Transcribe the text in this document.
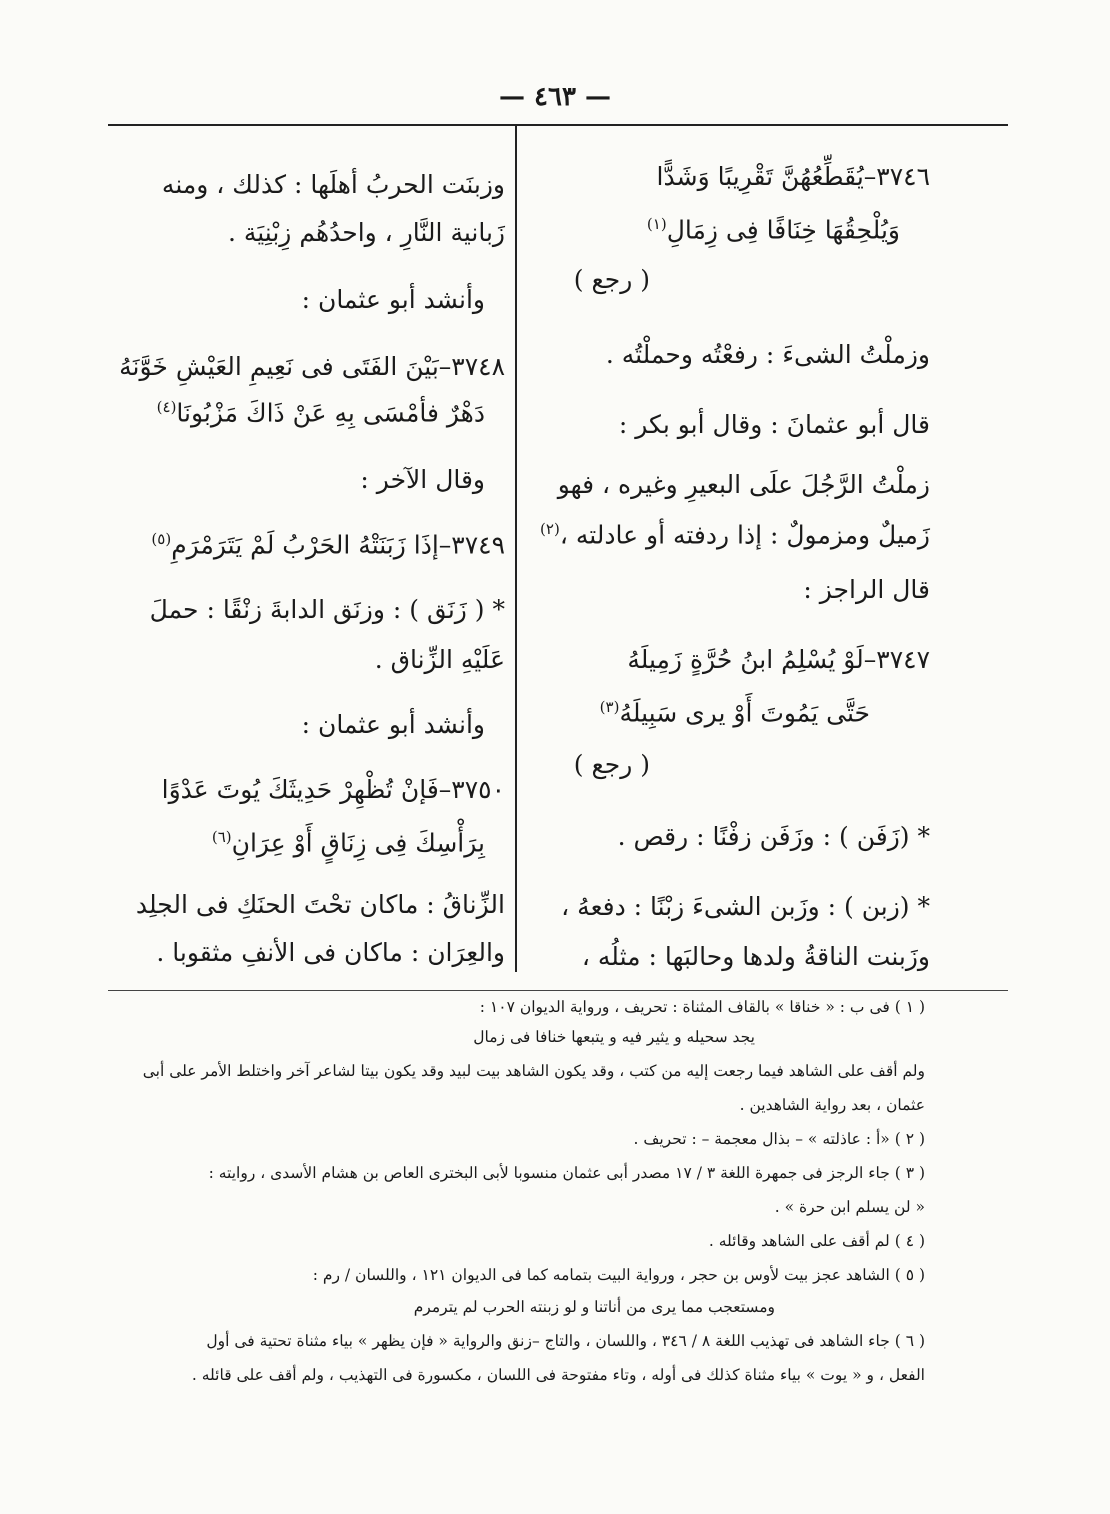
— ٤٦٣ —
٣٧٤٦–يُقَطِّعُهُنَّ تَقْرِيبًا وَشَدًّا
وَيُلْحِقُهَا خِنَافًا فِى زِمَالِ$^{(١)}$
( رجع )
وزملْتُ الشىءَ : رفعْتُه وحملْتُه .
قال أبو عثمانَ : وقال أبو بكر :
زملْتُ الرَّجُلَ علَى البعيرِ وغيره ، فهو
زَميلٌ ومزمولٌ : إذا ردفته أو عادلته ،$^{(٢)}$
قال الراجز :
٣٧٤٧–لَوْ يُسْلِمُ ابنُ حُرَّةٍ زَمِيلَهُ
حَتَّى يَمُوتَ أَوْ يرى سَبِيلَهُ$^{(٣)}$
( رجع )
* (زَفَن ) : وزَفَن زفْنًا : رقص .
* (زبن ) : وزَبن الشىءَ زبْنًا : دفعهُ ،
وزَبنت الناقةُ ولدها وحالبَها : مثلُه ،
وزبنَت الحربُ أهلَها : كذلك ، ومنه
زَبانية النَّارِ ، واحدُهُم زِبْنِيَة .
وأنشد أبو عثمان :
٣٧٤٨–بَيْنَ الفَتَى فى نَعِيمِ العَيْشِ خَوَّنَهُ
دَهْرٌ فأمْسَى بِهِ عَنْ ذَاكَ مَزْبُونَا$^{(٤)}$
وقال الآخر :
٣٧٤٩–إذَا زَبَنَتْهُ الحَرْبُ لَمْ يَتَرَمْرَمِ$^{(٥)}$
* ( زَنَق ) : وزنَق الدابةَ زنْقًا : حملَ
عَلَيْهِ الزِّناق .
وأنشد أبو عثمان :
٣٧٥٠–فَإنْ تُظْهِرْ حَدِيثَكَ يُوتَ عَدْوًا
بِرَأْسِكَ فِى زِنَاقٍ أَوْ عِرَانِ$^{(٦)}$
الزِّناقُ : ماكان تحْتَ الحنَكِ فى الجلِد
والعِرَان : ماكان فى الأنفِ مثقوبا .
( ١ ) فى ب : « خناقا » بالقاف المثناة : تحريف ، ورواية الديوان ١٠٧ :
يجد سحيله و يثير فيه و يتبعها خنافا فى زمال
ولم أقف على الشاهد فيما رجعت إليه من كتب ، وقد يكون الشاهد بيت لبيد وقد يكون بيتا لشاعر آخر واختلط الأمر على أبى
عثمان ، بعد رواية الشاهدين .
( ٢ ) «أ : عاذلته » – بذال معجمة – : تحريف .
( ٣ ) جاء الرجز فى جمهرة اللغة ٣ / ١٧ مصدر أبى عثمان منسوبا لأبى البخترى العاص بن هشام الأسدى ، روايته :
« لن يسلم ابن حرة » .
( ٤ ) لم أقف على الشاهد وقائله .
( ٥ ) الشاهد عجز بيت لأوس بن حجر ، ورواية البيت بتمامه كما فى الديوان ١٢١ ، واللسان / رم :
ومستعجب مما يرى من أناتنا و لو زبنته الحرب لم يترمرم
( ٦ ) جاء الشاهد فى تهذيب اللغة ٨ / ٣٤٦ ، واللسان ، والتاج –زنق والرواية « فإن يظهر » بياء مثناة تحتية فى أول
الفعل ، و « يوت » بياء مثناة كذلك فى أوله ، وتاء مفتوحة فى اللسان ، مكسورة فى التهذيب ، ولم أقف على قائله .
